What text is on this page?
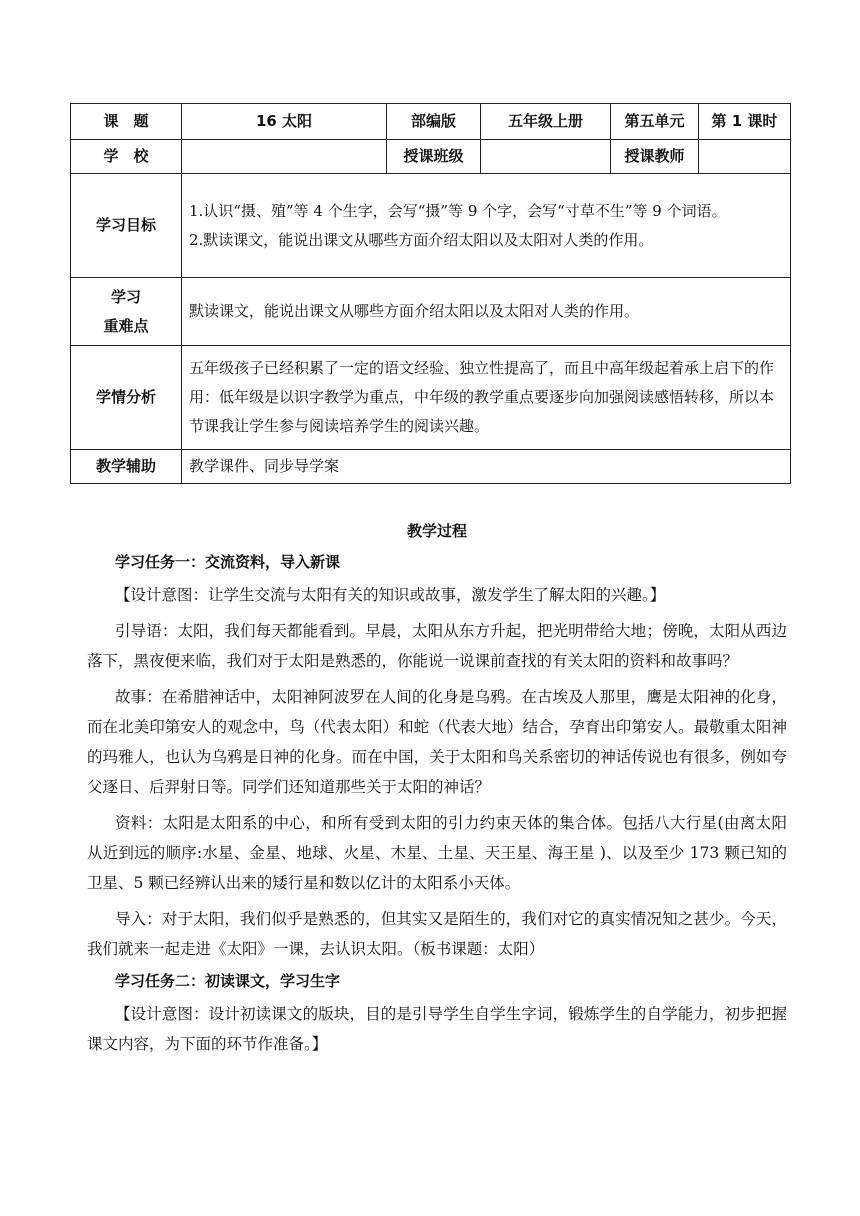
课　题	16 太阳	部编版	五年级上册	第五单元	第 1 课时
学　校		授课班级		授课教师	
学习目标	1.认识“摄、殖”等 4 个生字，会写“摄”等 9 个字，会写“寸草不生”等 9 个词语。
2.默读课文，能说出课文从哪些方面介绍太阳以及太阳对人类的作用。				

学习
重难点	默读课文，能说出课文从哪些方面介绍太阳以及太阳对人类的作用。				
学情分析	五年级孩子已经积累了一定的语文经验、独立性提高了，而且中高年级起着承上启下的作用：低年级是以识字教学为重点，中年级的教学重点要逐步向加强阅读感悟转移，所以本节课我让学生参与阅读培养学生的阅读兴趣。				
教学辅助	教学课件、同步导学案				
教学过程
学习任务一：交流资料，导入新课

【设计意图：让学生交流与太阳有关的知识或故事，激发学生了解太阳的兴趣。】

引导语：太阳，我们每天都能看到。早晨，太阳从东方升起，把光明带给大地；傍晚，太阳从西边落下，黑夜便来临，我们对于太阳是熟悉的，你能说一说课前查找的有关太阳的资料和故事吗？

故事：在希腊神话中，太阳神阿波罗在人间的化身是乌鸦。在古埃及人那里，鹰是太阳神的化身，而在北美印第安人的观念中，鸟（代表太阳）和蛇（代表大地）结合，孕育出印第安人。最敬重太阳神的玛雅人，也认为乌鸦是日神的化身。而在中国，关于太阳和鸟关系密切的神话传说也有很多，例如夸父逐日、后羿射日等。同学们还知道那些关于太阳的神话？

资料：太阳是太阳系的中心，和所有受到太阳的引力约束天体的集合体。包括八大行星(由离太阳从近到远的顺序:水星、金星、地球、火星、木星、土星、天王星、海王星 )、以及至少 173 颗已知的卫星、5 颗已经辨认出来的矮行星和数以亿计的太阳系小天体。

导入：对于太阳，我们似乎是熟悉的，但其实又是陌生的，我们对它的真实情况知之甚少。今天，我们就来一起走进《太阳》一课，去认识太阳。（板书课题：太阳）

学习任务二：初读课文，学习生字

【设计意图：设计初读课文的版块，目的是引导学生自学生字词，锻炼学生的自学能力，初步把握课文内容，为下面的环节作准备。】
